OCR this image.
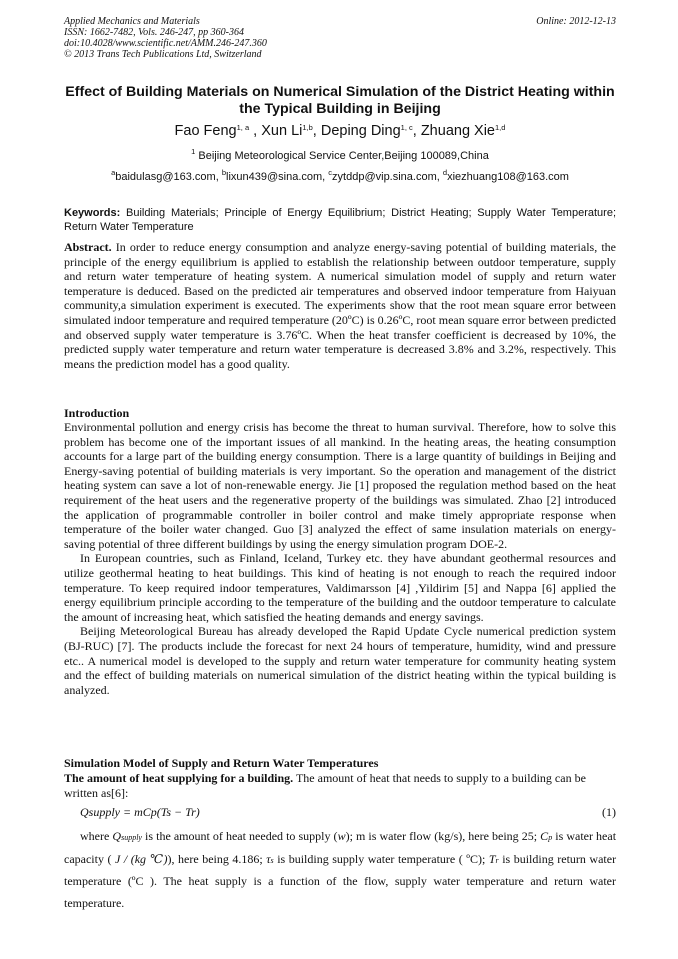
Applied Mechanics and Materials
ISSN: 1662-7482, Vols. 246-247, pp 360-364
doi:10.4028/www.scientific.net/AMM.246-247.360
© 2013 Trans Tech Publications Ltd, Switzerland
Online: 2012-12-13
Effect of Building Materials on Numerical Simulation of the District Heating within the Typical Building in Beijing
Fao Feng$^{1, a}$ , Xun Li$^{1,b}$, Deping Ding$^{1, c}$, Zhuang Xie$^{1,d}$
$^1$ Beijing Meteorological Service Center,Beijing 100089,China
$^a$baidulasg@163.com, $^b$lixun439@sina.com, $^c$zytddp@vip.sina.com, $^d$xiezhuang108@163.com
Keywords: Building Materials; Principle of Energy Equilibrium; District Heating; Supply Water Temperature; Return Water Temperature
Abstract. In order to reduce energy consumption and analyze energy-saving potential of building materials, the principle of the energy equilibrium is applied to establish the relationship between outdoor temperature, supply and return water temperature of heating system. A numerical simulation model of supply and return water temperature is deduced. Based on the predicted air temperatures and observed indoor temperature from Haiyuan community,a simulation experiment is executed. The experiments show that the root mean square error between simulated indoor temperature and required temperature (20ºC) is 0.26ºC, root mean square error between predicted and observed supply water temperature is 3.76ºC. When the heat transfer coefficient is decreased by 10%, the predicted supply water temperature and return water temperature is decreased 3.8% and 3.2%, respectively. This means the prediction model has a good quality.
Introduction

Environmental pollution and energy crisis has become the threat to human survival. Therefore, how to solve this problem has become one of the important issues of all mankind. In the heating areas, the heating consumption accounts for a large part of the building energy consumption. There is a large quantity of buildings in Beijing and Energy-saving potential of building materials is very important. So the operation and management of the district heating system can save a lot of non-renewable energy. Jie [1] proposed the regulation method based on the heat requirement of the heat users and the regenerative property of the buildings was simulated. Zhao [2] introduced the application of programmable controller in boiler control and make timely appropriate response when temperature of the boiler water changed. Guo [3] analyzed the effect of same insulation materials on energy-saving potential of three different buildings by using the energy simulation program DOE-2.

In European countries, such as Finland, Iceland, Turkey etc. they have abundant geothermal resources and utilize geothermal heating to heat buildings. This kind of heating is not enough to reach the required indoor temperature. To keep required indoor temperatures, Valdimarsson [4] ,Yildirim [5] and Nappa [6] applied the energy equilibrium principle according to the temperature of the building and the outdoor temperature to calculate the amount of increasing heat, which satisfied the heating demands and energy savings.

Beijing Meteorological Bureau has already developed the Rapid Update Cycle numerical prediction system (BJ-RUC) [7]. The products include the forecast for next 24 hours of temperature, humidity, wind and pressure etc.. A numerical model is developed to the supply and return water temperature for community heating system and the effect of building materials on numerical simulation of the district heating within the typical building is analyzed.

Simulation Model of Supply and Return Water Temperatures
The amount of heat supplying for a building. The amount of heat that needs to supply to a building can be written as[6]:
Qsupply = mCp(Ts − Tr)	(1)
where Qsupply is the amount of heat needed to supply (w); m is water flow (kg/s), here being 25; Cp is water heat capacity ( J / (kg ℃)), here being 4.186; τs is building supply water temperature ( ºC); Tr is building return water temperature (ºC ). The heat supply is a function of the flow, supply water temperature and return water temperature.
